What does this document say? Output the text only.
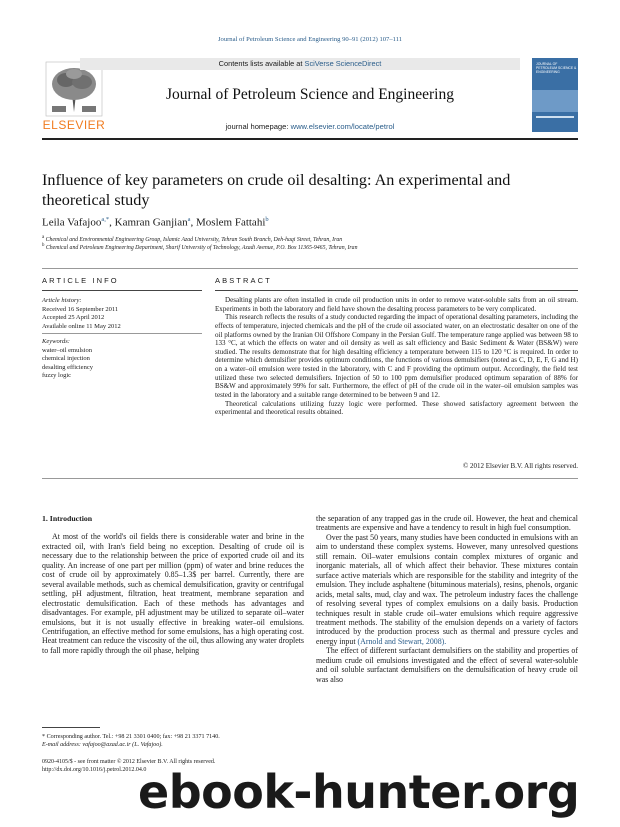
Journal of Petroleum Science and Engineering 90–91 (2012) 107–111
ELSEVIER
Contents lists available at SciVerse ScienceDirect
Journal of Petroleum Science and Engineering
journal homepage: www.elsevier.com/locate/petrol
JOURNAL OF PETROLEUM SCIENCE & ENGINEERING
Influence of key parameters on crude oil desalting: An experimental and theoretical study
Leila Vafajoo$^{a,*}$, Kamran Ganjian$^a$, Moslem Fattahi$^b$
$^a$ Chemical and Environmental Engineering Group, Islamic Azad University, Tehran South Branch, Deh-haqi Street, Tehran, Iran
$^b$ Chemical and Petroleum Engineering Department, Sharif University of Technology, Azadi Avenue, P.O. Box 11365-9465, Tehran, Iran
ARTICLE INFO	ABSTRACT
Article history:
Received 16 September 2011
Accepted 25 April 2012
Available online 11 May 2012
Keywords:
water–oil emulsion
chemical injection
desalting efficiency
fuzzy logic

Desalting plants are often installed in crude oil production units in order to remove water-soluble salts from an oil stream. Experiments in both the laboratory and field have shown the desalting process parameters to be very complicated.

This research reflects the results of a study conducted regarding the impact of operational desalting parameters, including the effects of temperature, injected chemicals and the pH of the crude oil associated water, on an electrostatic desalter on one of the oil platforms owned by the Iranian Oil Offshore Company in the Persian Gulf. The temperature range applied was between 98 to 133 °C, at which the effects on water and oil density as well as salt efficiency and Basic Sediment & Water (BS&W) were studied. The results demonstrate that for high desalting efficiency a temperature between 115 to 120 °C is required. In order to determine which demulsifier provides optimum conditions, the functions of various demulsifiers (noted as C, D, E, F, G and H) on a water–oil emulsion were tested in the laboratory, with C and F providing the optimum output. Accordingly, the field test utilized these two selected demulsifiers. Injection of 50 to 100 ppm demulsifier produced optimum separation of 88% for BS&W and approximately 99% for salt. Furthermore, the effect of pH of the crude oil in the water–oil emulsion samples was tested in the laboratory and a suitable range determined to be between 9 and 12.

Theoretical calculations utilizing fuzzy logic were performed. These showed satisfactory agreement between the experimental and theoretical results obtained.

© 2012 Elsevier B.V. All rights reserved.
1. Introduction

At most of the world's oil fields there is considerable water and brine in the extracted oil, with Iran's field being no exception. Desalting of crude oil is necessary due to the relationship between the price of exported crude oil and its quality. An increase of one part per million (ppm) of water and brine reduces the cost of crude oil by approximately 0.85–1.3$ per barrel. Currently, there are several available methods, such as chemical demulsification, gravity or centrifugal settling, pH adjustment, filtration, heat treatment, membrane separation and electrostatic demulsification. Each of these methods has advantages and disadvantages. For example, pH adjustment may be utilized to separate oil–water emulsions, but it is not usually effective in breaking water–oil emulsions. Centrifugation, an effective method for some emulsions, has a high operating cost. Heat treatment can reduce the viscosity of the oil, thus allowing any water droplets to fall more rapidly through the oil phase, helping

the separation of any trapped gas in the crude oil. However, the heat and chemical treatments are expensive and have a tendency to result in high fuel consumption.

Over the past 50 years, many studies have been conducted in emulsions with an aim to understand these complex systems. However, many unresolved questions still remain. Oil–water emulsions contain complex mixtures of organic and inorganic materials, all of which affect their behavior. These mixtures contain surface active materials which are responsible for the stability and integrity of the emulsion. They include asphaltene (bituminous materials), resins, phenols, organic acids, metal salts, mud, clay and wax. The petroleum industry faces the challenge of resolving several types of complex emulsions on a daily basis. Production techniques result in stable crude oil–water emulsions which require aggressive treatment methods. The stability of the emulsion depends on a variety of factors introduced by the production process such as thermal and pressure cycles and energy input (Arnold and Stewart, 2008).

The effect of different surfactant demulsifiers on the stability and properties of medium crude oil emulsions investigated and the effect of several water-soluble and oil soluble surfactant demulsifiers on the demulsification of heavy crude oil was also

* Corresponding author. Tel.: +98 21 3301 0400; fax: +98 21 3371 7140.
E-mail address: vafajoo@azad.ac.ir (L. Vafajoo).
0920-4105/$ - see front matter © 2012 Elsevier B.V. All rights reserved.
http://dx.doi.org/10.1016/j.petrol.2012.04.0
ebook-hunter.org
